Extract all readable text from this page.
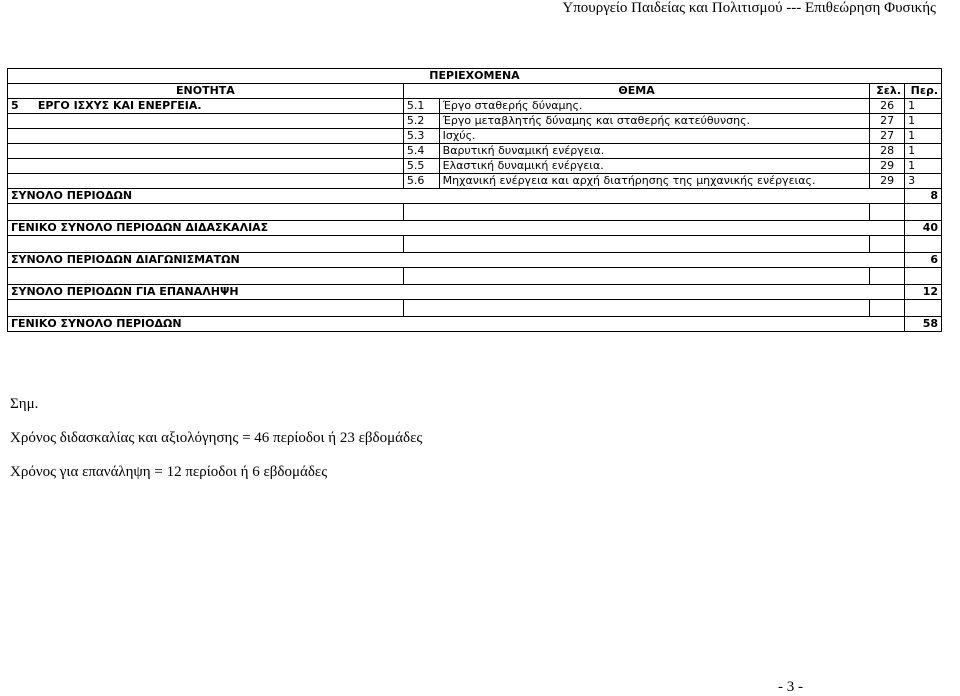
Υπουργείο Παιδείας και Πολιτισμού --- Επιθεώρηση Φυσικής
ΠΕΡΙΕΧΟΜΕΝΑ				
ΕΝΟΤΗΤΑ	ΘΕΜΑ		Σελ.	Περ.
5 ΕΡΓΟ ΙΣΧΥΣ ΚΑΙ ΕΝΕΡΓΕΙΑ.	5.1	Έργο σταθερής δύναμης.	26	1
	5.2	Έργο μεταβλητής δύναμης και σταθερής κατεύθυνσης.	27	1
	5.3	Ισχύς.	27	1
	5.4	Βαρυτική δυναμική ενέργεια.	28	1
	5.5	Ελαστική δυναμική ενέργεια.	29	1
	5.6	Μηχανική ενέργεια και αρχή διατήρησης της μηχανικής ενέργειας.	29	3
ΣΥΝΟΛΟ ΠΕΡΙΟΔΩΝ				8

ΓΕΝΙΚΟ ΣΥΝΟΛΟ ΠΕΡΙΟΔΩΝ ΔΙΔΑΣΚΑΛΙΑΣ				40

ΣΥΝΟΛΟ ΠΕΡΙΟΔΩΝ ΔΙΑΓΩΝΙΣΜΑΤΩΝ				6

ΣΥΝΟΛΟ ΠΕΡΙΟΔΩΝ ΓΙΑ ΕΠΑΝΑΛΗΨΗ				12

ΓΕΝΙΚΟ ΣΥΝΟΛΟ ΠΕΡΙΟΔΩΝ				58

Σημ.

Χρόνος διδασκαλίας και αξιολόγησης = 46 περίοδοι ή 23 εβδομάδες

Χρόνος για επανάληψη = 12 περίοδοι ή 6 εβδομάδες

- 3 -
